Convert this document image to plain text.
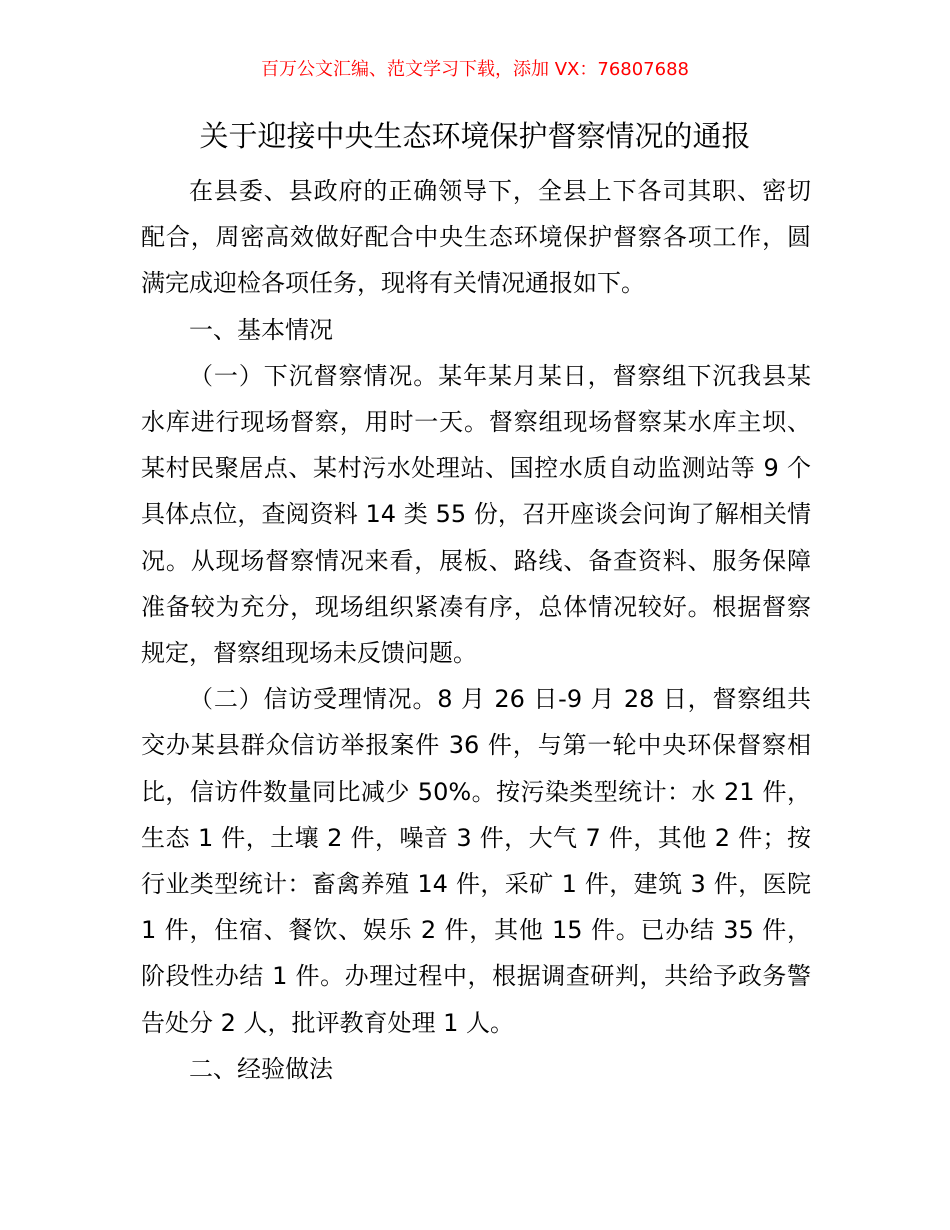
百万公文汇编、范文学习下载，添加 VX：76807688
关于迎接中央生态环境保护督察情况的通报

在县委、县政府的正确领导下，全县上下各司其职、密切配合，周密高效做好配合中央生态环境保护督察各项工作，圆满完成迎检各项任务，现将有关情况通报如下。

一、基本情况

（一）下沉督察情况。某年某月某日，督察组下沉我县某水库进行现场督察，用时一天。督察组现场督察某水库主坝、某村民聚居点、某村污水处理站、国控水质自动监测站等 9 个具体点位，查阅资料 14 类 55 份，召开座谈会问询了解相关情况。从现场督察情况来看，展板、路线、备查资料、服务保障准备较为充分，现场组织紧凑有序，总体情况较好。根据督察规定，督察组现场未反馈问题。

（二）信访受理情况。8 月 26 日-9 月 28 日，督察组共交办某县群众信访举报案件 36 件，与第一轮中央环保督察相比，信访件数量同比减少 50%。按污染类型统计：水 21 件，生态 1 件，土壤 2 件，噪音 3 件，大气 7 件，其他 2 件；按行业类型统计：畜禽养殖 14 件，采矿 1 件，建筑 3 件，医院 1 件，住宿、餐饮、娱乐 2 件，其他 15 件。已办结 35 件，阶段性办结 1 件。办理过程中，根据调查研判，共给予政务警告处分 2 人，批评教育处理 1 人。

二、经验做法
